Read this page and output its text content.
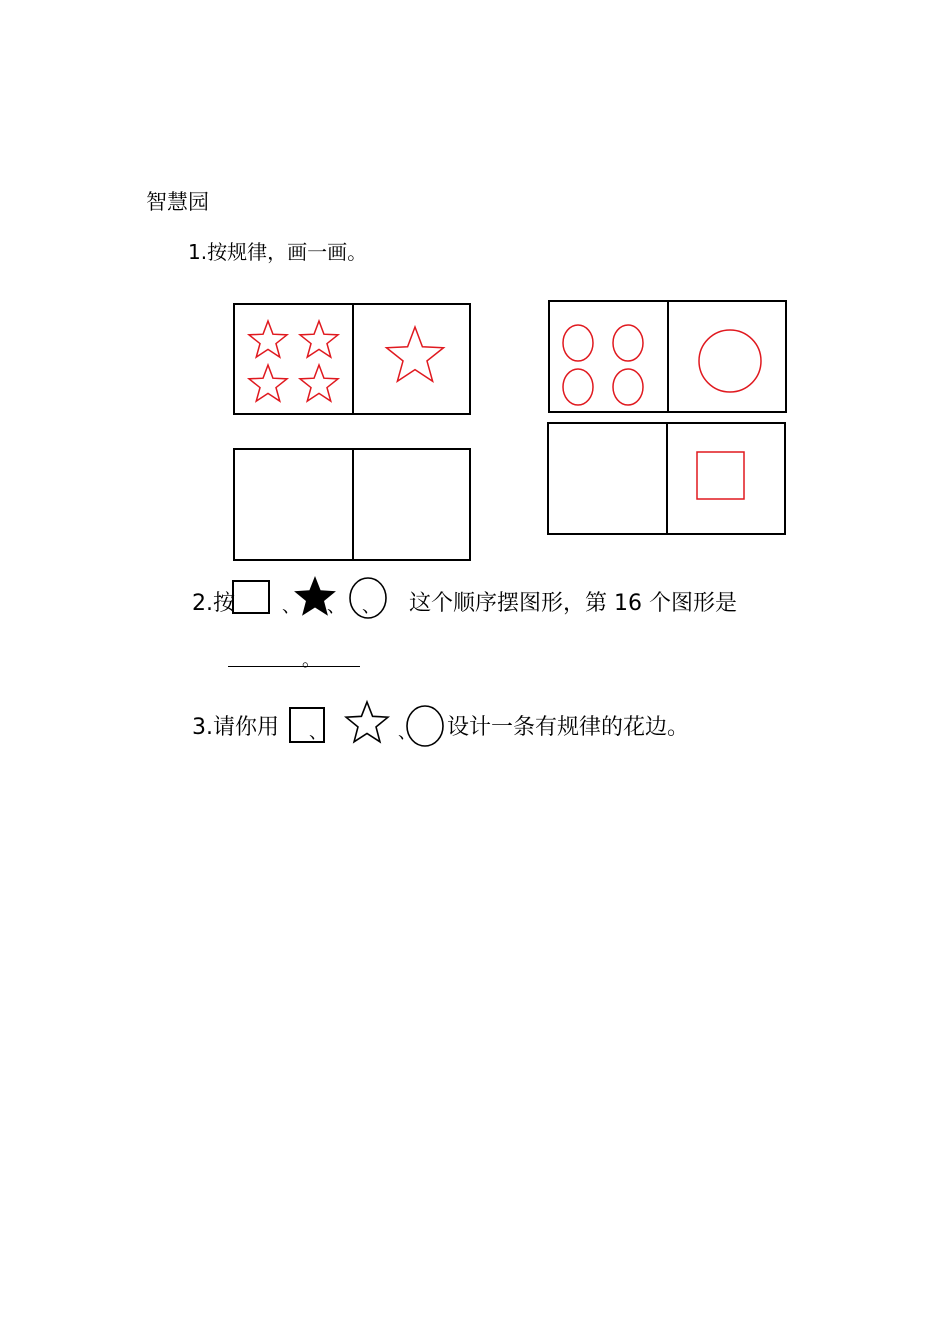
智慧园
1.按规律，画一画。
2.按	、 、 、 这个顺序摆图形，第 16 个图形是
。
3.请你用 、	、 设计一条有规律的花边。
